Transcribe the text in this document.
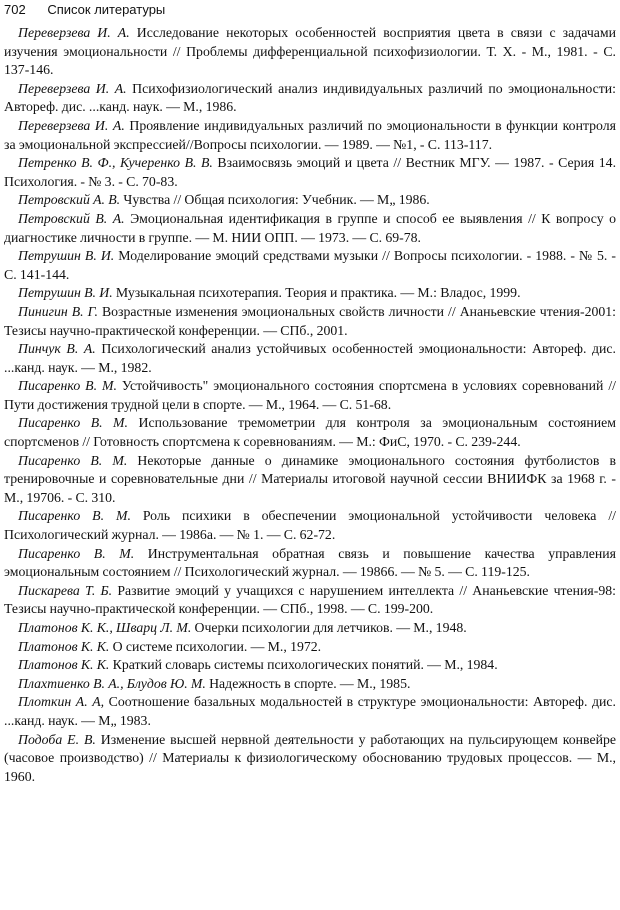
702 Список литературы

Переверзева И. А. Исследование некоторых особенностей восприятия цвета в связи с задачами изучения эмоциональности // Проблемы дифференциальной психофизиологии. Т. X. - М., 1981. - С. 137-146.

Переверзева И. А. Психофизиологический анализ индивидуальных различий по эмоциональности: Автореф. дис. ...канд. наук. — М., 1986.

Переверзева И. А. Проявление индивидуальных различий по эмоциональности в функции контроля за эмоциональной экспрессией//Вопросы психологии. — 1989. — №1, - С. 113-117.

Петренко В. Ф., Кучеренко В. В. Взаимосвязь эмоций и цвета // Вестник МГУ. — 1987. - Серия 14. Психология. - № 3. - С. 70-83.

Петровский А. В. Чувства // Общая психология: Учебник. — М„ 1986.

Петровский В. А. Эмоциональная идентификация в группе и способ ее выявления // К вопросу о диагностике личности в группе. — М. НИИ ОПП. — 1973. — С. 69-78.

Петрушин В. И. Моделирование эмоций средствами музыки // Вопросы психологии. - 1988. - № 5. - С. 141-144.

Петрушин В. И. Музыкальная психотерапия. Теория и практика. — М.: Владос, 1999.

Пинигин В. Г. Возрастные изменения эмоциональных свойств личности // Ананьевские чтения-2001: Тезисы научно-практической конференции. — СПб., 2001.

Пинчук В. А. Психологический анализ устойчивых особенностей эмоциональности: Автореф. дис. ...канд. наук. — М., 1982.

Писаренко В. М. Устойчивость" эмоционального состояния спортсмена в условиях соревнований // Пути достижения трудной цели в спорте. — М., 1964. — С. 51-68.

Писаренко В. М. Использование тремометрии для контроля за эмоциональным состоянием спортсменов // Готовность спортсмена к соревнованиям. — М.: ФиС, 1970. - С. 239-244.

Писаренко В. М. Некоторые данные о динамике эмоционального состояния футболистов в тренировочные и соревновательные дни // Материалы итоговой научной сессии ВНИИФК за 1968 г. - М., 19706. - С. 310.

Писаренко В. М. Роль психики в обеспечении эмоциональной устойчивости человека // Психологический журнал. — 1986а. — № 1. — С. 62-72.

Писаренко В. М. Инструментальная обратная связь и повышение качества управления эмоциональным состоянием // Психологический журнал. — 19866. — № 5. — С. 119-125.

Пискарева Т. Б. Развитие эмоций у учащихся с нарушением интеллекта // Ананьевские чтения-98: Тезисы научно-практической конференции. — СПб., 1998. — С. 199-200.

Платонов К. К., Шварц Л. М. Очерки психологии для летчиков. — М., 1948.

Платонов К. К. О системе психологии. — М., 1972.

Платонов К. К. Краткий словарь системы психологических понятий. — М., 1984.

Плахтиенко В. А., Блудов Ю. М. Надежность в спорте. — М., 1985.

Плоткин А. А, Соотношение базальных модальностей в структуре эмоциональности: Автореф. дис. ...канд. наук. — М„ 1983.

Подоба Е. В. Изменение высшей нервной деятельности у работающих на пульсирующем конвейре (часовое производство) // Материалы к физиологическому обоснованию трудовых процессов. — М., 1960.
